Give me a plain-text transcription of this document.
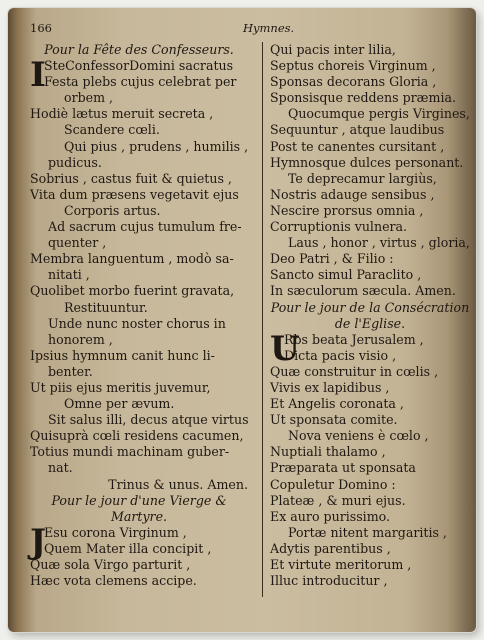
166	Hymnes.
Pour la Fête des Confesseurs.
I
SteConfessorDomini sacratus
Festa plebs cujus celebrat per
orbem ,
Hodiè lætus meruit secreta ,
Scandere cœli.
Qui pius , prudens , humilis ,
pudicus.
Sobrius , castus fuit & quietus ,
Vita dum præsens vegetavit ejus
Corporis artus.
Ad sacrum cujus tumulum fre-
quenter ,
Membra languentum , modò sa-
nitati ,
Quolibet morbo fuerint gravata,
Restituuntur.
Unde nunc noster chorus in
honorem ,
Ipsius hymnum canit hunc li-
benter.
Ut piis ejus meritis juvemur,
Omne per ævum.
Sit salus illi, decus atque virtus
Quisuprà cœli residens cacumen,
Totius mundi machinam guber-
nat.
Trinus & unus. Amen.
Pour le jour d'une Vierge &
Martyre.
J
Esu corona Virginum ,
Quem Mater illa concipit ,
Quæ sola Virgo parturit ,
Hæc vota clemens accipe.
Qui pacis inter lilia,
Septus choreis Virginum ,
Sponsas decorans Gloria ,
Sponsisque reddens præmia.
Quocumque pergis Virgines,
Sequuntur , atque laudibus
Post te canentes cursitant ,
Hymnosque dulces personant.
Te deprecamur largiùs,
Nostris adauge sensibus ,
Nescire prorsus omnia ,
Corruptionis vulnera.
Laus , honor , virtus , gloria,
Deo Patri , & Filio :
Sancto simul Paraclito ,
In sæculorum sæcula. Amen.
Pour le jour de la Consécration
de l'Eglise.
U
Rbs beata Jerusalem ,
Dicta pacis visio ,
Quæ construitur in cœlis ,
Vivis ex lapidibus ,
Et Angelis coronata ,
Ut sponsata comite.
Nova veniens è cœlo ,
Nuptiali thalamo ,
Præparata ut sponsata
Copuletur Domino :
Plateæ , & muri ejus.
Ex auro purissimo.
Portæ nitent margaritis ,
Adytis parentibus ,
Et virtute meritorum ,
Illuc introducitur ,
